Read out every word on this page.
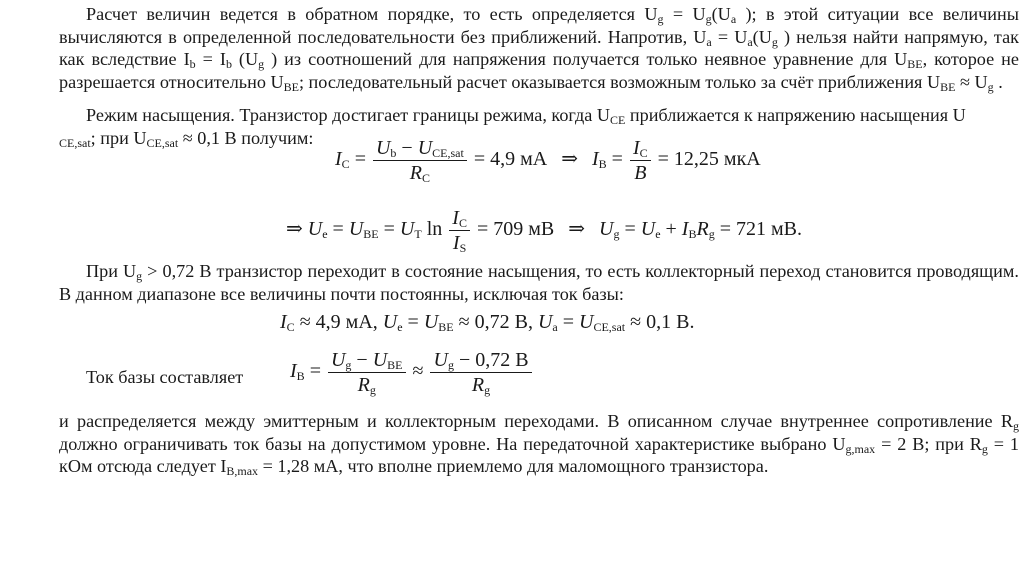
Расчет величин ведется в обратном порядке, то есть определяется $U_g = U_g(U_a$ ); в этой ситуации все величины вычисляются в определенной последовательности без приближений. Напротив, $U_a = U_a(U_g$ ) нельзя найти напрямую, так как вследствие $I_b = I_b$ ($U_g$ ) из соотношений для напряжения получается только неявное уравнение для $U_{BE}$, которое не разрешается относительно $U_{BE}$; последовательный расчет оказывается возможным только за счёт приближения $U_{BE} \approx U_g$ .
Режим насыщения. Транзистор достигает границы режима, когда $U_{CE}$ приближается к напряжению насыщения U
$_{CE,sat}$; при $U_{CE,sat} \approx 0,1$ В получим:
$I_C = \frac{U_b - U_{CE,sat}}{R_C} = 4,9$ мА ⇒ $I_B = \frac{I_C}{B} = 12,25$ мкА
⇒ $U_e = U_{BE} = U_T$ $\ln \frac{I_C}{I_S} = 709$ мВ ⇒ $U_g = U_e + I_BR_g = 721$ мВ.
При $U_g > 0,72$ В транзистор переходит в состояние насыщения, то есть коллекторный переход становится проводящим. В данном диапазоне все величины почти постоянны, исключая ток базы:
$I_C \approx 4,9$ мА, $U_e = U_{BE} \approx 0,72$ В, $U_a = U_{CE,sat} \approx 0,1$ В.
Ток базы составляет $I_B = \frac{U_g - U_{BE}}{R_g} \approx \frac{U_g - 0,72 В}{R_g}$
и распределяется между эмиттерным и коллекторным переходами. В описанном случае внутреннее сопротивление $R_g$ должно ограничивать ток базы на допустимом уровне. На передаточной характеристике выбрано $U_{g,max} = 2$ В; при $R_g = 1$ кОм отсюда следует $I_{B,max} = 1,28$ мА, что вполне приемлемо для маломощного транзистора.
